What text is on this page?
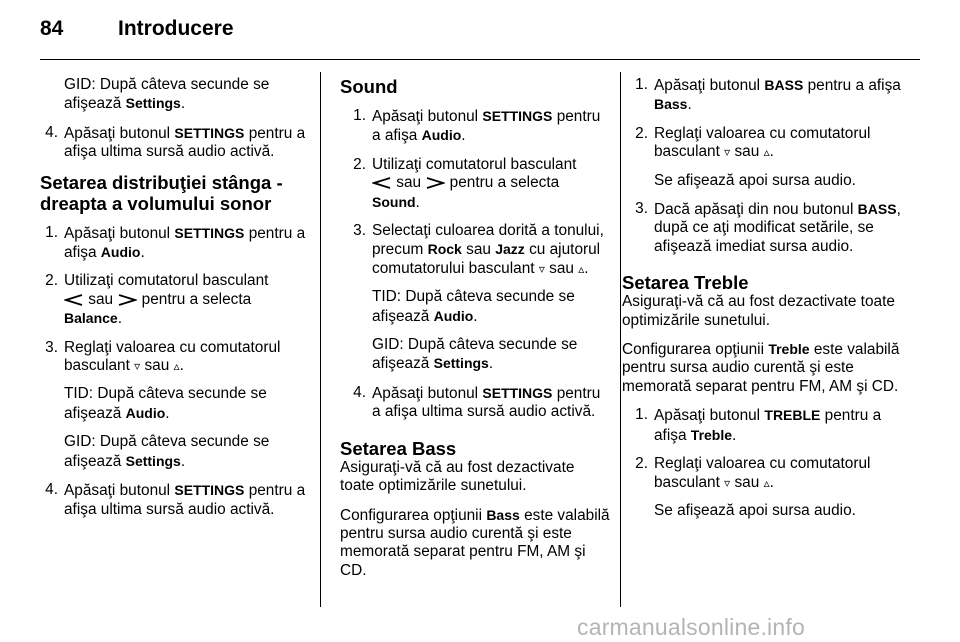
84	Introducere

GID: După câteva secunde se afişează Settings.

4. Apăsaţi butonul SETTINGS pentru a afişa ultima sursă audio activă.
Setarea distribuţiei stânga - dreapta a volumului sonor
1. Apăsaţi butonul SETTINGS pentru a afişa Audio.
2. Utilizaţi comutatorul basculant
sau pentru a selecta
Balance.
3. Reglaţi valoarea cu comutatorul basculant ▿ sau ▵.
TID: După câteva secunde se afişează Audio.
GID: După câteva secunde se afişează Settings.
4. Apăsaţi butonul SETTINGS pentru a afişa ultima sursă audio activă.
Sound
1. Apăsaţi butonul SETTINGS pentru a afişa Audio.
2. Utilizaţi comutatorul basculant
sau pentru a selecta
Sound.
3. Selectaţi culoarea dorită a tonului, precum Rock sau Jazz cu ajutorul comutatorului basculant ▿ sau ▵.
TID: După câteva secunde se afişează Audio.
GID: După câteva secunde se afişează Settings.
4. Apăsaţi butonul SETTINGS pentru a afişa ultima sursă audio activă.
Setarea Bass

Asiguraţi-vă că au fost dezactivate toate optimizările sunetului.

Configurarea opţiunii Bass este valabilă pentru sursa audio curentă şi este memorată separat pentru FM, AM şi CD.

1. Apăsaţi butonul BASS pentru a afişa Bass.
2. Reglaţi valoarea cu comutatorul basculant ▿ sau ▵.
Se afişează apoi sursa audio.
3. Dacă apăsaţi din nou butonul BASS, după ce aţi modificat setările, se afişează imediat sursa audio.
Setarea Treble

Asiguraţi-vă că au fost dezactivate toate optimizările sunetului.

Configurarea opţiunii Treble este valabilă pentru sursa audio curentă şi este memorată separat pentru FM, AM şi CD.

1. Apăsaţi butonul TREBLE pentru a afişa Treble.
2. Reglaţi valoarea cu comutatorul basculant ▿ sau ▵.
Se afişează apoi sursa audio.
carmanualsonline.info
